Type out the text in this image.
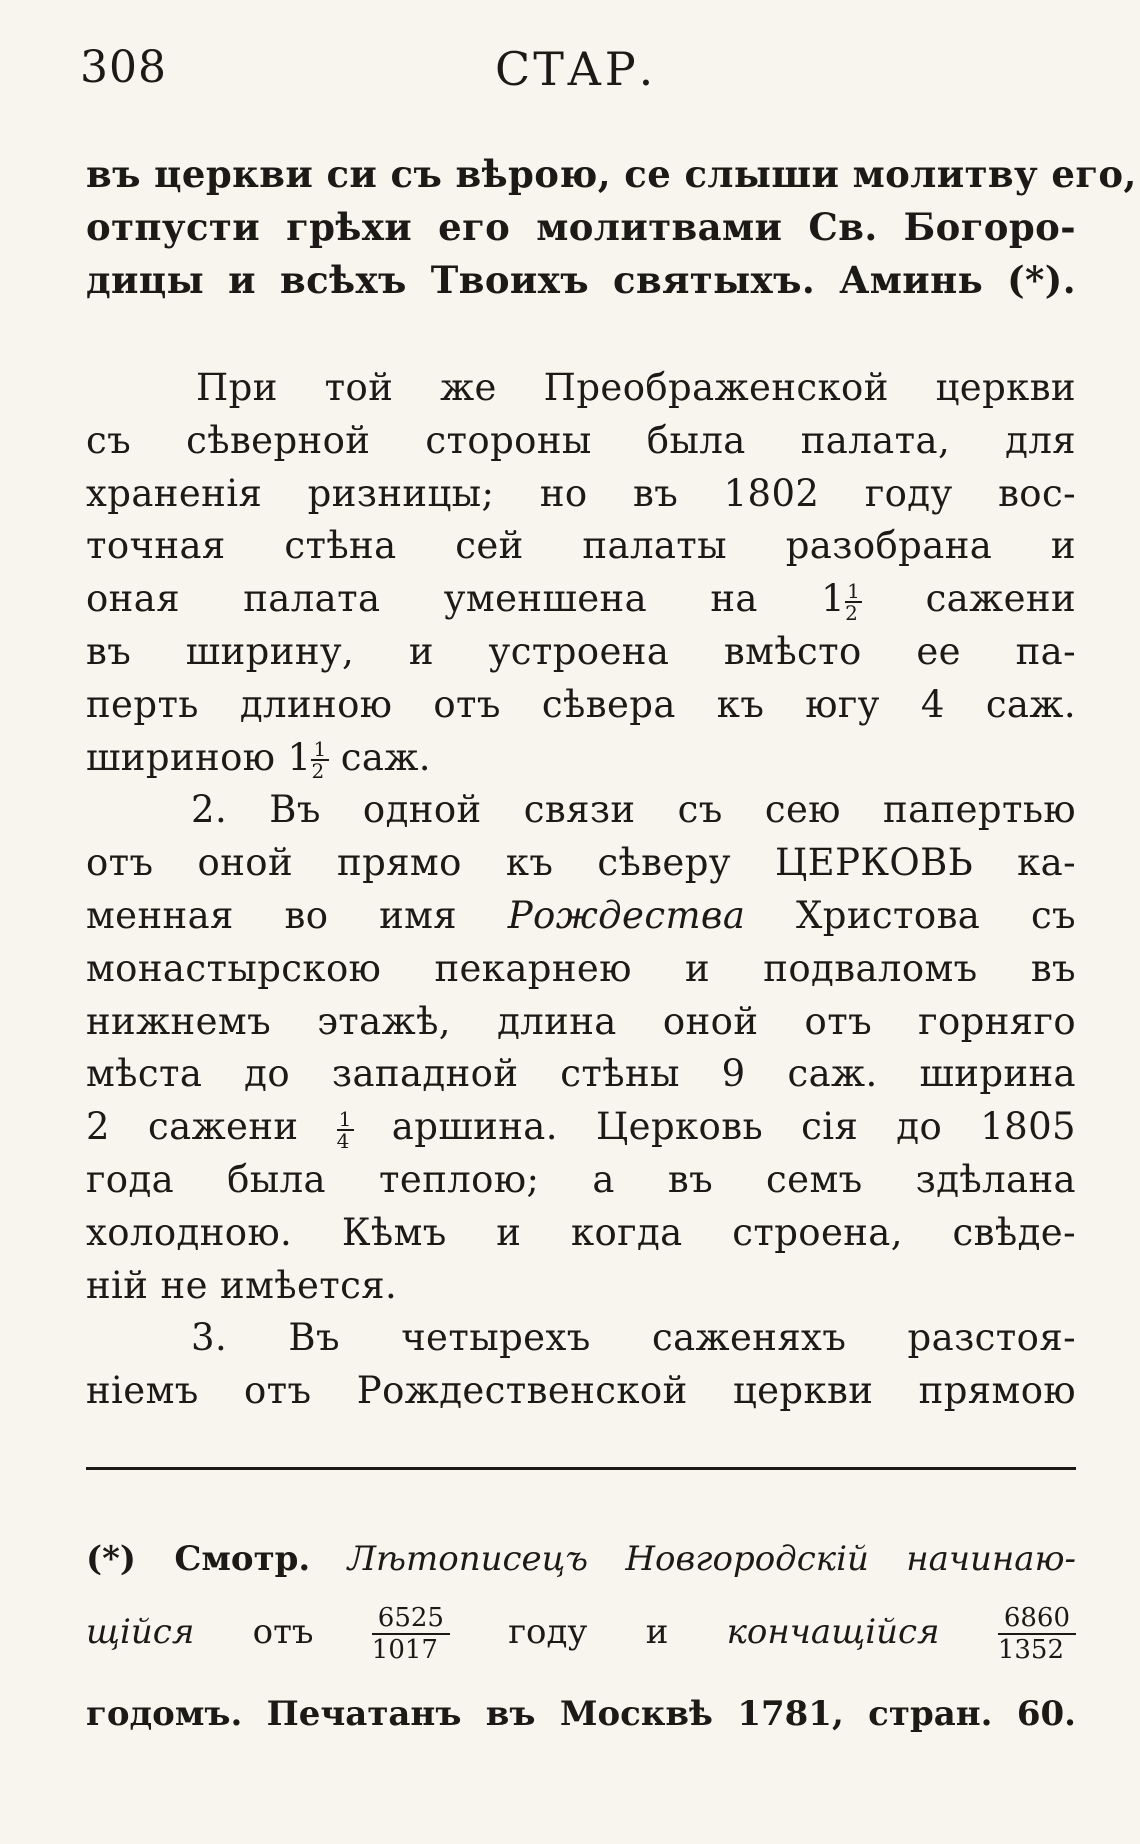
308	СТАР.
въ церкви си съ вѣрою, се слыши молитву его,
отпусти грѣхи его молитвами Св. Богоро-
дицы и всѣхъ Твоихъ святыхъ. Аминь (*).
При той же Преображенской церкви
съ сѣверной стороны была палата, для
храненія ризницы; но въ 1802 году вос-
точная стѣна сей палаты разобрана и
оная палата уменшена на $1 \frac{1}{2}$ сажени
въ ширину, и устроена вмѣсто ее па-
перть длиною отъ сѣвера къ югу 4 саж.
шириною $1 \frac{1}{2}$ саж.
2. Въ одной связи съ сею папертью
отъ оной прямо къ сѣверу ЦЕРКОВЬ ка-
менная во имя Рождества Христова съ
монастырскою пекарнею и подваломъ въ
нижнемъ этажѣ, длина оной отъ горняго
мѣста до западной стѣны 9 саж. ширина
2 сажени $\frac{1}{4}$ аршина. Церковь сія до 1805
года была теплою; а въ семъ здѣлана
холодною. Кѣмъ и когда строена, свѣде-
ній не имѣется.
3. Въ четырехъ саженяхъ разстоя-
ніемъ отъ Рождественской церкви прямою
(*) Смотр. Лѣтописецъ Новгородскій начинаю-
щійся отъ $\frac{6525}{1017}$ году и кончащійся $\frac{6860}{1352}$
годомъ. Печатанъ въ Москвѣ 1781, стран. 60.
